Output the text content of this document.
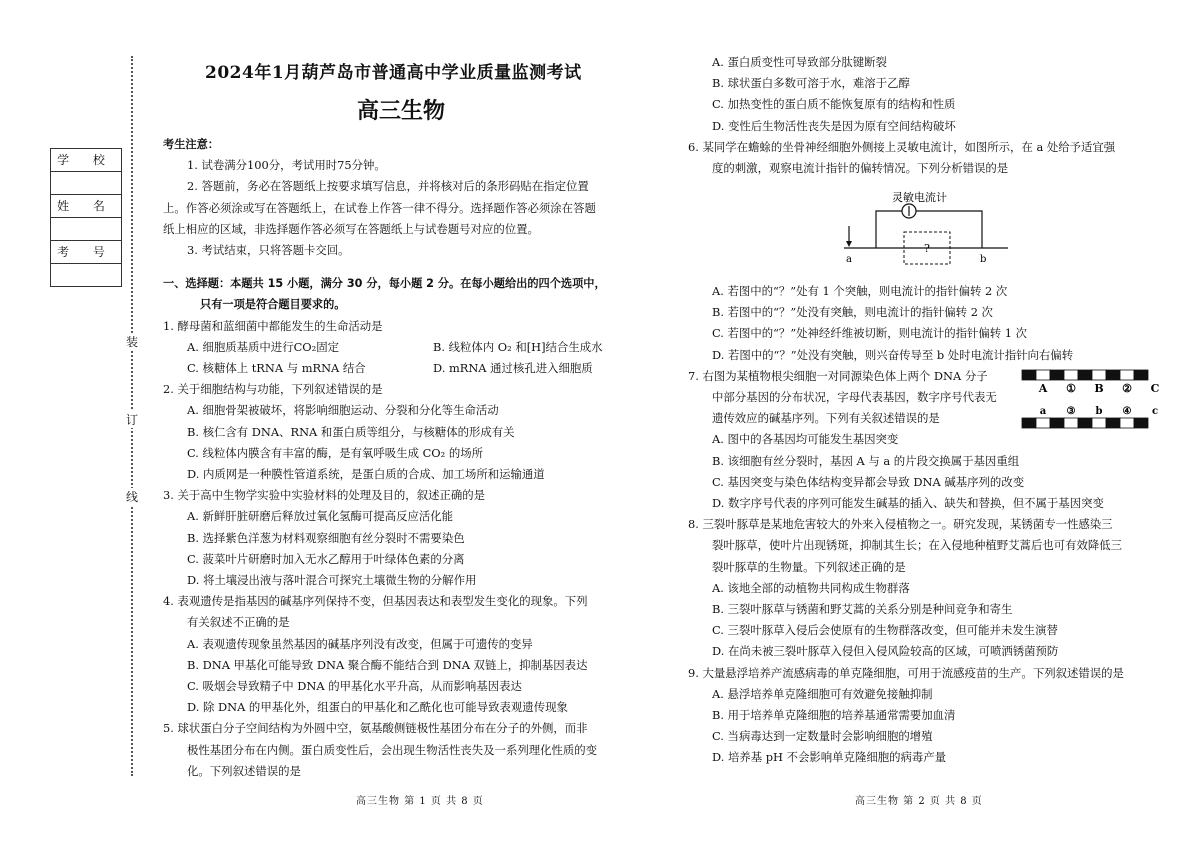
装
订
线
学 校
姓 名
考 号
2024年1月葫芦岛市普通高中学业质量监测考试
高三生物

考生注意：

1. 试卷满分100分，考试用时75分钟。

2. 答题前，务必在答题纸上按要求填写信息，并将核对后的条形码贴在指定位置

上。作答必须涂或写在答题纸上，在试卷上作答一律不得分。选择题作答必须涂在答题

纸上相应的区域，非选择题作答必须写在答题纸上与试卷题号对应的位置。

3. 考试结束，只将答题卡交回。

一、选择题：本题共 15 小题，满分 30 分，每小题 2 分。在每小题给出的四个选项中，

只有一项是符合题目要求的。

1. 酵母菌和蓝细菌中都能发生的生命活动是

A. 细胞质基质中进行CO₂固定	B. 线粒体内 O₂ 和[H]结合生成水
C. 核糖体上 tRNA 与 mRNA 结合	D. mRNA 通过核孔进入细胞质

2. 关于细胞结构与功能，下列叙述错误的是

A. 细胞骨架被破坏，将影响细胞运动、分裂和分化等生命活动

B. 核仁含有 DNA、RNA 和蛋白质等组分，与核糖体的形成有关

C. 线粒体内膜含有丰富的酶，是有氧呼吸生成 CO₂ 的场所

D. 内质网是一种膜性管道系统，是蛋白质的合成、加工场所和运输通道

3. 关于高中生物学实验中实验材料的处理及目的，叙述正确的是

A. 新鲜肝脏研磨后释放过氧化氢酶可提高反应活化能

B. 选择紫色洋葱为材料观察细胞有丝分裂时不需要染色

C. 菠菜叶片研磨时加入无水乙醇用于叶绿体色素的分离

D. 将土壤浸出液与落叶混合可探究土壤微生物的分解作用

4. 表观遗传是指基因的碱基序列保持不变，但基因表达和表型发生变化的现象。下列

有关叙述不正确的是

A. 表观遗传现象虽然基因的碱基序列没有改变，但属于可遗传的变异

B. DNA 甲基化可能导致 DNA 聚合酶不能结合到 DNA 双链上，抑制基因表达

C. 吸烟会导致精子中 DNA 的甲基化水平升高，从而影响基因表达

D. 除 DNA 的甲基化外，组蛋白的甲基化和乙酰化也可能导致表观遗传现象

5. 球状蛋白分子空间结构为外圆中空，氨基酸侧链极性基团分布在分子的外侧，而非

极性基团分布在内侧。蛋白质变性后，会出现生物活性丧失及一系列理化性质的变

化。下列叙述错误的是

A. 蛋白质变性可导致部分肽键断裂

B. 球状蛋白多数可溶于水，难溶于乙醇

C. 加热变性的蛋白质不能恢复原有的结构和性质

D. 变性后生物活性丧失是因为原有空间结构破坏

6. 某同学在蟾蜍的坐骨神经细胞外侧接上灵敏电流计，如图所示，在 a 处给予适宜强

度的刺激，观察电流计指针的偏转情况。下列分析错误的是

灵敏电流计
?
a	b

A. 若图中的“？”处有 1 个突触，则电流计的指针偏转 2 次

B. 若图中的“？”处没有突触，则电流计的指针偏转 2 次

C. 若图中的“？”处神经纤维被切断，则电流计的指针偏转 1 次

D. 若图中的“？”处没有突触，则兴奋传导至 b 处时电流计指针向右偏转

7. 右图为某植物根尖细胞一对同源染色体上两个 DNA 分子

中部分基因的分布状况，字母代表基因，数字序号代表无

遗传效应的碱基序列。下列有关叙述错误的是

A. 图中的各基因均可能发生基因突变

B. 该细胞有丝分裂时，基因 A 与 a 的片段交换属于基因重组

C. 基因突变与染色体结构变异都会导致 DNA 碱基序列的改变

D. 数字序号代表的序列可能发生碱基的插入、缺失和替换，但不属于基因突变

8. 三裂叶豚草是某地危害较大的外来入侵植物之一。研究发现，某锈菌专一性感染三

裂叶豚草，使叶片出现锈斑，抑制其生长；在入侵地种植野艾蒿后也可有效降低三

裂叶豚草的生物量。下列叙述正确的是

A. 该地全部的动植物共同构成生物群落

B. 三裂叶豚草与锈菌和野艾蒿的关系分别是种间竞争和寄生

C. 三裂叶豚草入侵后会使原有的生物群落改变，但可能并未发生演替

D. 在尚未被三裂叶豚草入侵但入侵风险较高的区域，可喷洒锈菌预防

9. 大量悬浮培养产流感病毒的单克隆细胞，可用于流感疫苗的生产。下列叙述错误的是

A. 悬浮培养单克隆细胞可有效避免接触抑制

B. 用于培养单克隆细胞的培养基通常需要加血清

C. 当病毒达到一定数量时会影响细胞的增殖

D. 培养基 pH 不会影响单克隆细胞的病毒产量

A ① B ② C
a ③ b ④ c
高三生物 第 1 页 共 8 页	高三生物 第 2 页 共 8 页
